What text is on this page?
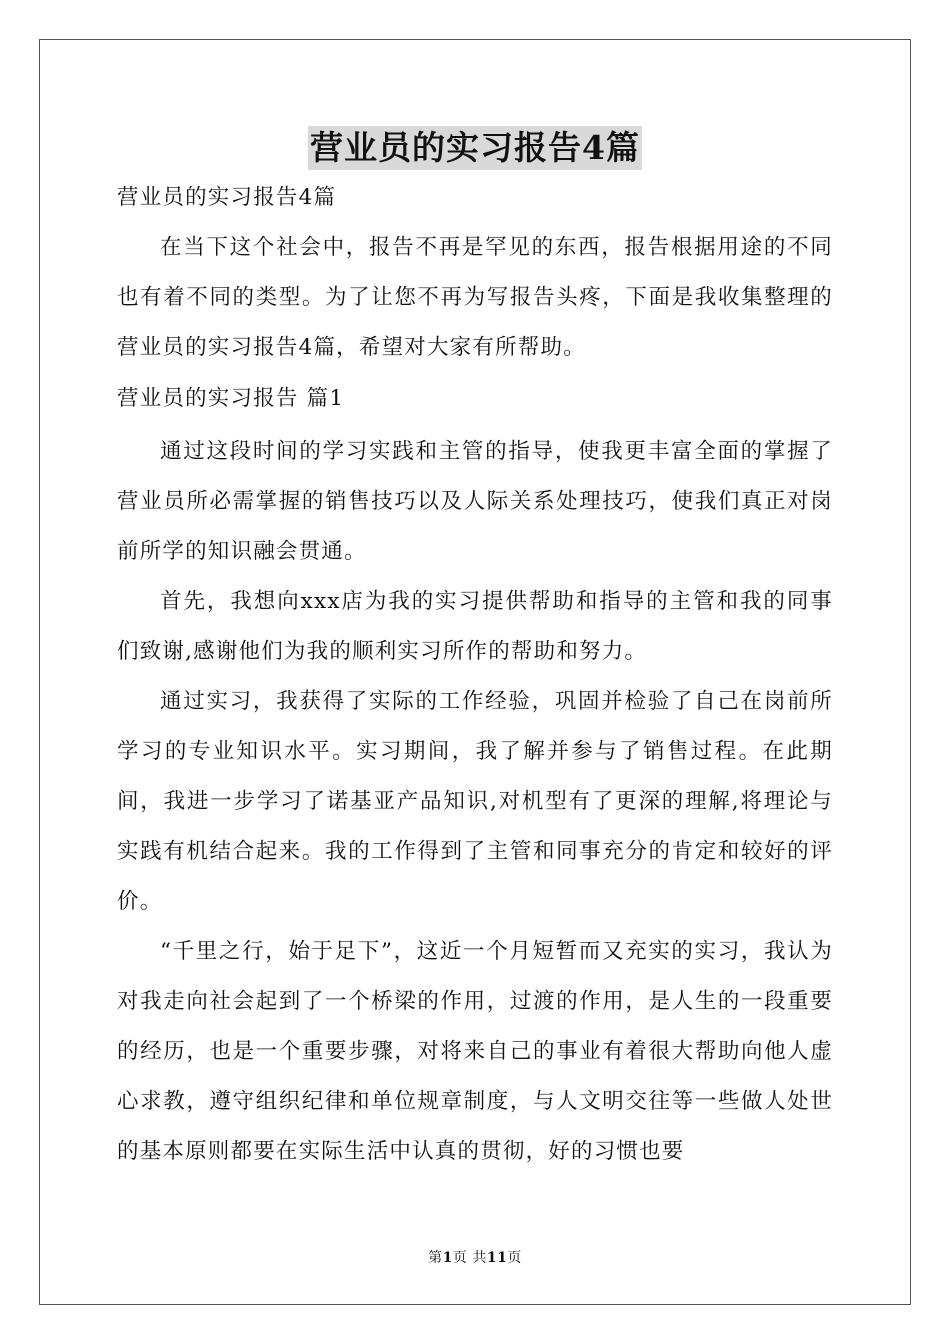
营业员的实习报告4篇
营业员的实习报告4篇

在当下这个社会中，报告不再是罕见的东西，报告根据用途的不同也有着不同的类型。为了让您不再为写报告头疼，下面是我收集整理的营业员的实习报告4篇，希望对大家有所帮助。

营业员的实习报告 篇1

通过这段时间的学习实践和主管的指导，使我更丰富全面的掌握了营业员所必需掌握的销售技巧以及人际关系处理技巧，使我们真正对岗前所学的知识融会贯通。

首先，我想向xxx店为我的实习提供帮助和指导的主管和我的同事们致谢,感谢他们为我的顺利实习所作的帮助和努力。

通过实习，我获得了实际的工作经验，巩固并检验了自己在岗前所学习的专业知识水平。实习期间，我了解并参与了销售过程。在此期间，我进一步学习了诺基亚产品知识,对机型有了更深的理解,将理论与实践有机结合起来。我的工作得到了主管和同事充分的肯定和较好的评价。

“千里之行，始于足下”，这近一个月短暂而又充实的实习，我认为对我走向社会起到了一个桥梁的作用，过渡的作用，是人生的一段重要的经历，也是一个重要步骤，对将来自己的事业有着很大帮助向他人虚心求教，遵守组织纪律和单位规章制度，与人文明交往等一些做人处世的基本原则都要在实际生活中认真的贯彻，好的习惯也要

第1页 共11页
